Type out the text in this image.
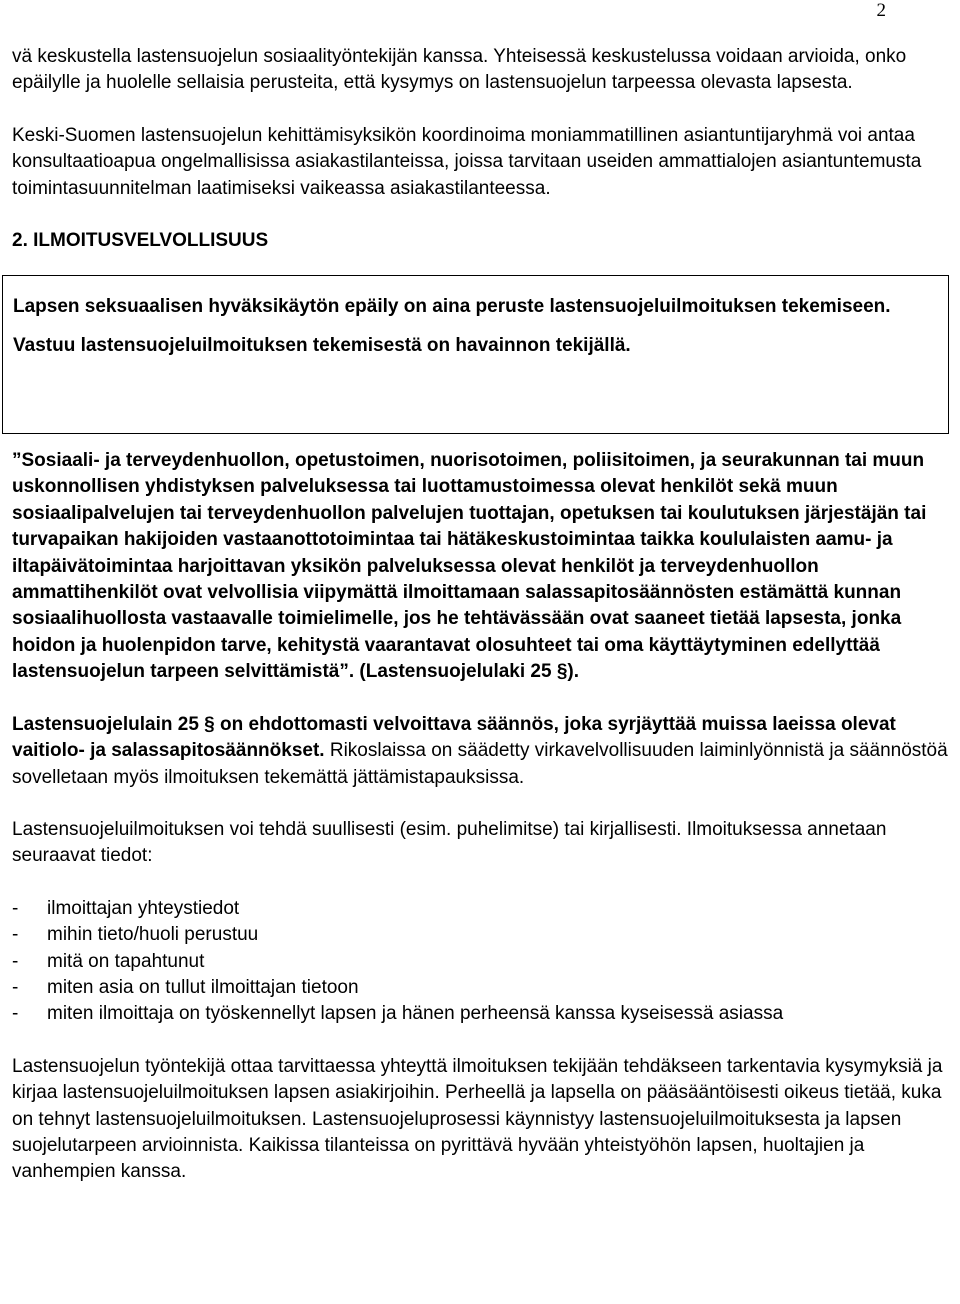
2

vä keskustella lastensuojelun sosiaalityöntekijän kanssa. Yhteisessä keskustelussa voidaan arvioida, onko epäilylle ja huolelle sellaisia perusteita, että kysymys on lastensuojelun tarpeessa olevasta lapsesta.

Keski-Suomen lastensuojelun kehittämisyksikön koordinoima moniammatillinen asiantuntijaryhmä voi antaa konsultaatioapua ongelmallisissa asiakastilanteissa, joissa tarvitaan useiden ammattialojen asiantuntemusta toimintasuunnitelman laatimiseksi vaikeassa asiakastilanteessa.

2. ILMOITUSVELVOLLISUUS

Lapsen seksuaalisen hyväksikäytön epäily on aina peruste lastensuojeluilmoituksen tekemiseen.

Vastuu lastensuojeluilmoituksen tekemisestä on havainnon tekijällä.

”Sosiaali- ja terveydenhuollon, opetustoimen, nuorisotoimen, poliisitoimen, ja seurakunnan tai muun uskonnollisen yhdistyksen palveluksessa tai luottamustoimessa olevat henkilöt sekä muun sosiaalipalvelujen tai terveydenhuollon palvelujen tuottajan, opetuksen tai koulutuksen järjestäjän tai turvapaikan hakijoiden vastaanottotoimintaa tai hätäkeskustoimintaa taikka koululaisten aamu- ja iltapäivätoimintaa harjoittavan yksikön palveluksessa olevat henkilöt ja terveydenhuollon ammattihenkilöt ovat velvollisia viipymättä ilmoittamaan salassapitosäännösten estämättä kunnan sosiaalihuollosta vastaavalle toimielimelle, jos he tehtävässään ovat saaneet tietää lapsesta, jonka hoidon ja huolenpidon tarve, kehitystä vaarantavat olosuhteet tai oma käyttäytyminen edellyttää lastensuojelun tarpeen selvittämistä”. (Lastensuojelulaki 25 §).

Lastensuojelulain 25 § on ehdottomasti velvoittava säännös, joka syrjäyttää muissa laeissa olevat vaitiolo- ja salassapitosäännökset. Rikoslaissa on säädetty virkavelvollisuuden laiminlyönnistä ja säännöstöä sovelletaan myös ilmoituksen tekemättä jättämistapauksissa.

Lastensuojeluilmoituksen voi tehdä suullisesti (esim. puhelimitse) tai kirjallisesti. Ilmoituksessa annetaan seuraavat tiedot:

- ilmoittajan yhteystiedot
- mihin tieto/huoli perustuu
- mitä on tapahtunut
- miten asia on tullut ilmoittajan tietoon
- miten ilmoittaja on työskennellyt lapsen ja hänen perheensä kanssa kyseisessä asiassa

Lastensuojelun työntekijä ottaa tarvittaessa yhteyttä ilmoituksen tekijään tehdäkseen tarkentavia kysymyksiä ja kirjaa lastensuojeluilmoituksen lapsen asiakirjoihin. Perheellä ja lapsella on pääsääntöisesti oikeus tietää, kuka on tehnyt lastensuojeluilmoituksen. Lastensuojeluprosessi käynnistyy lastensuojeluilmoituksesta ja lapsen suojelutarpeen arvioinnista. Kaikissa tilanteissa on pyrittävä hyvään yhteistyöhön lapsen, huoltajien ja vanhempien kanssa.
